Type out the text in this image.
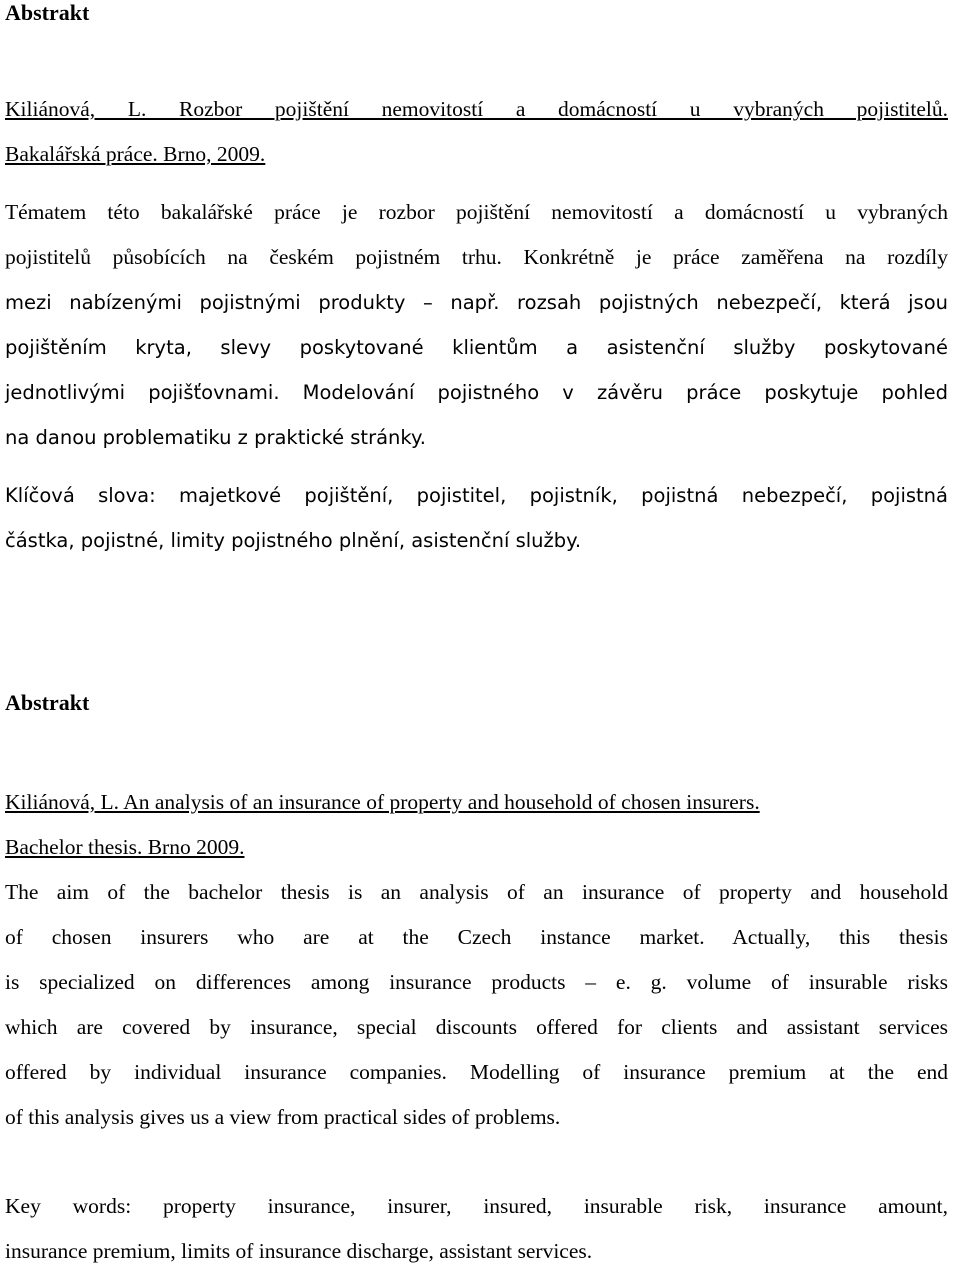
Abstrakt
Kiliánová, L. Rozbor pojištění nemovitostí a domácností u vybraných pojistitelů.
Bakalářská práce. Brno, 2009.
Tématem této bakalářské práce je rozbor pojištění nemovitostí a domácností u vybraných
pojistitelů působících na českém pojistném trhu. Konkrétně je práce zaměřena na rozdíly
mezi nabízenými pojistnými produkty – např. rozsah pojistných nebezpečí, která jsou
pojištěním kryta, slevy poskytované klientům a asistenční služby poskytované
jednotlivými pojišťovnami. Modelování pojistného v závěru práce poskytuje pohled
na danou problematiku z praktické stránky.
Klíčová slova: majetkové pojištění, pojistitel, pojistník, pojistná nebezpečí, pojistná
částka, pojistné, limity pojistného plnění, asistenční služby.
Abstrakt
Kiliánová, L. An analysis of an insurance of property and household of chosen insurers.
Bachelor thesis. Brno 2009.
The aim of the bachelor thesis is an analysis of an insurance of property and household
of chosen insurers who are at the Czech instance market. Actually, this thesis
is specialized on differences among insurance products – e. g. volume of insurable risks
which are covered by insurance, special discounts offered for clients and assistant services
offered by individual insurance companies. Modelling of insurance premium at the end
of this analysis gives us a view from practical sides of problems.
Key words: property insurance, insurer, insured, insurable risk, insurance amount,
insurance premium, limits of insurance discharge, assistant services.
